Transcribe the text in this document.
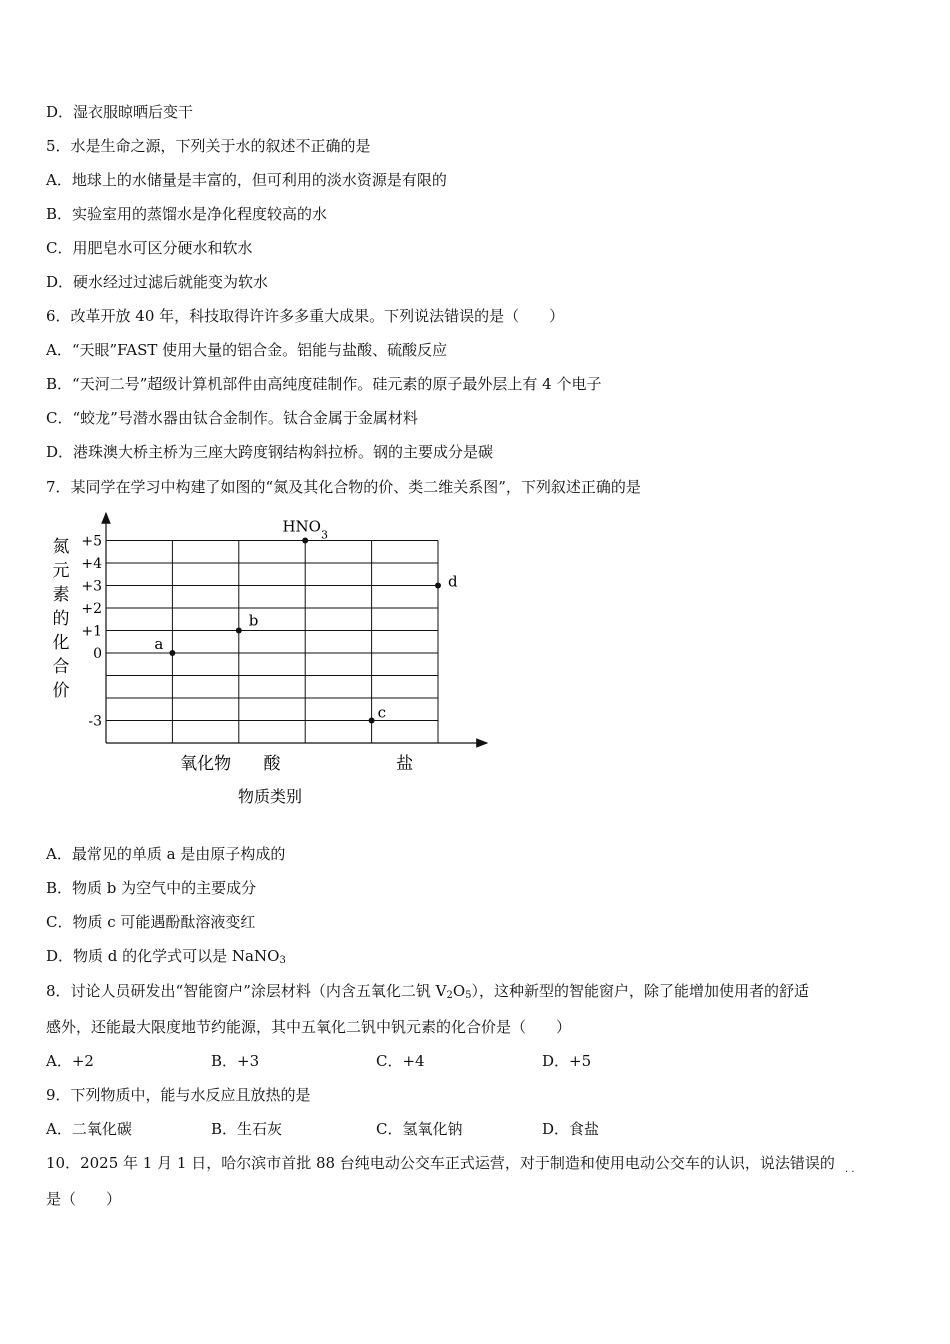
D．湿衣服晾晒后变干
5．水是生命之源，下列关于水的叙述不正确的是
A．地球上的水储量是丰富的，但可利用的淡水资源是有限的
B．实验室用的蒸馏水是净化程度较高的水
C．用肥皂水可区分硬水和软水
D．硬水经过过滤后就能变为软水
6．改革开放 40 年，科技取得许许多多重大成果。下列说法错误的是（　　）
A．“天眼”FAST 使用大量的铝合金。铝能与盐酸、硫酸反应
B．“天河二号”超级计算机部件由高纯度硅制作。硅元素的原子最外层上有 4 个电子
C．“蛟龙”号潜水器由钛合金制作。钛合金属于金属材料
D．港珠澳大桥主桥为三座大跨度钢结构斜拉桥。钢的主要成分是碳
7．某同学在学习中构建了如图的“氮及其化合物的价、类二维关系图”，下列叙述正确的是
氮
元
素
的
化
合
价
+5
+4
+3
+2
+1
0
-3
氧化物 酸	盐
a
b
$HNO_3$
c
d
物质类别
A．最常见的单质 a 是由原子构成的
B．物质 b 为空气中的主要成分
C．物质 c 可能遇酚酞溶液变红
D．物质 d 的化学式可以是 NaNO$_3$
8．讨论人员研发出“智能窗户”涂层材料（内含五氧化二钒 $V_2O_5$），这种新型的智能窗户，除了能增加使用者的舒适
感外，还能最大限度地节约能源，其中五氧化二钒中钒元素的化合价是（　　）
A．+2	B．+3	C．+4	D．+5
9．下列物质中，能与水反应且放热的是
A．二氧化碳	B．生石灰	C．氢氧化钠	D．食盐
10．2025 年 1 月 1 日，哈尔滨市首批 88 台纯电动公交车正式运营，对于制造和使用电动公交车的认识，说法错误的
· ·
是（　　）
